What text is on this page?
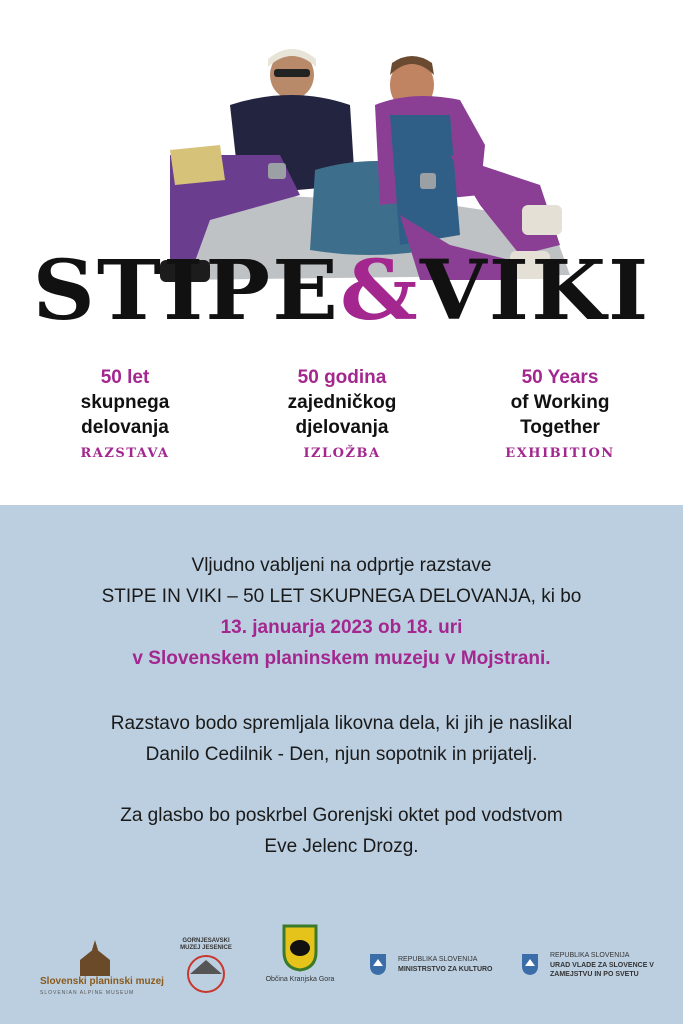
STIPE&VIKI
50 let
skupnega
delovanja
RAZSTAVA
50 godina
zajedničkog
djelovanja
IZLOŽBA
50 Years
of Working
Together
EXHIBITION
Vljudno vabljeni na odprtje razstave
STIPE IN VIKI – 50 LET SKUPNEGA DELOVANJA, ki bo
13. januarja 2023 ob 18. uri
v Slovenskem planinskem muzeju v Mojstrani.
Razstavo bodo spremljala likovna dela, ki jih je naslikal
Danilo Cedilnik - Den, njun sopotnik in prijatelj.
Za glasbo bo poskrbel Gorenjski oktet pod vodstvom
Eve Jelenc Drozg.
Slovenski planinski muzej
SLOVENIAN ALPINE MUSEUM
GORNJESAVSKI MUZEJ JESENICE
Občina Kranjska Gora
REPUBLIKA SLOVENIJA
MINISTRSTVO ZA KULTURO
REPUBLIKA SLOVENIJA
URAD VLADE ZA SLOVENCE V
ZAMEJSTVU IN PO SVETU
